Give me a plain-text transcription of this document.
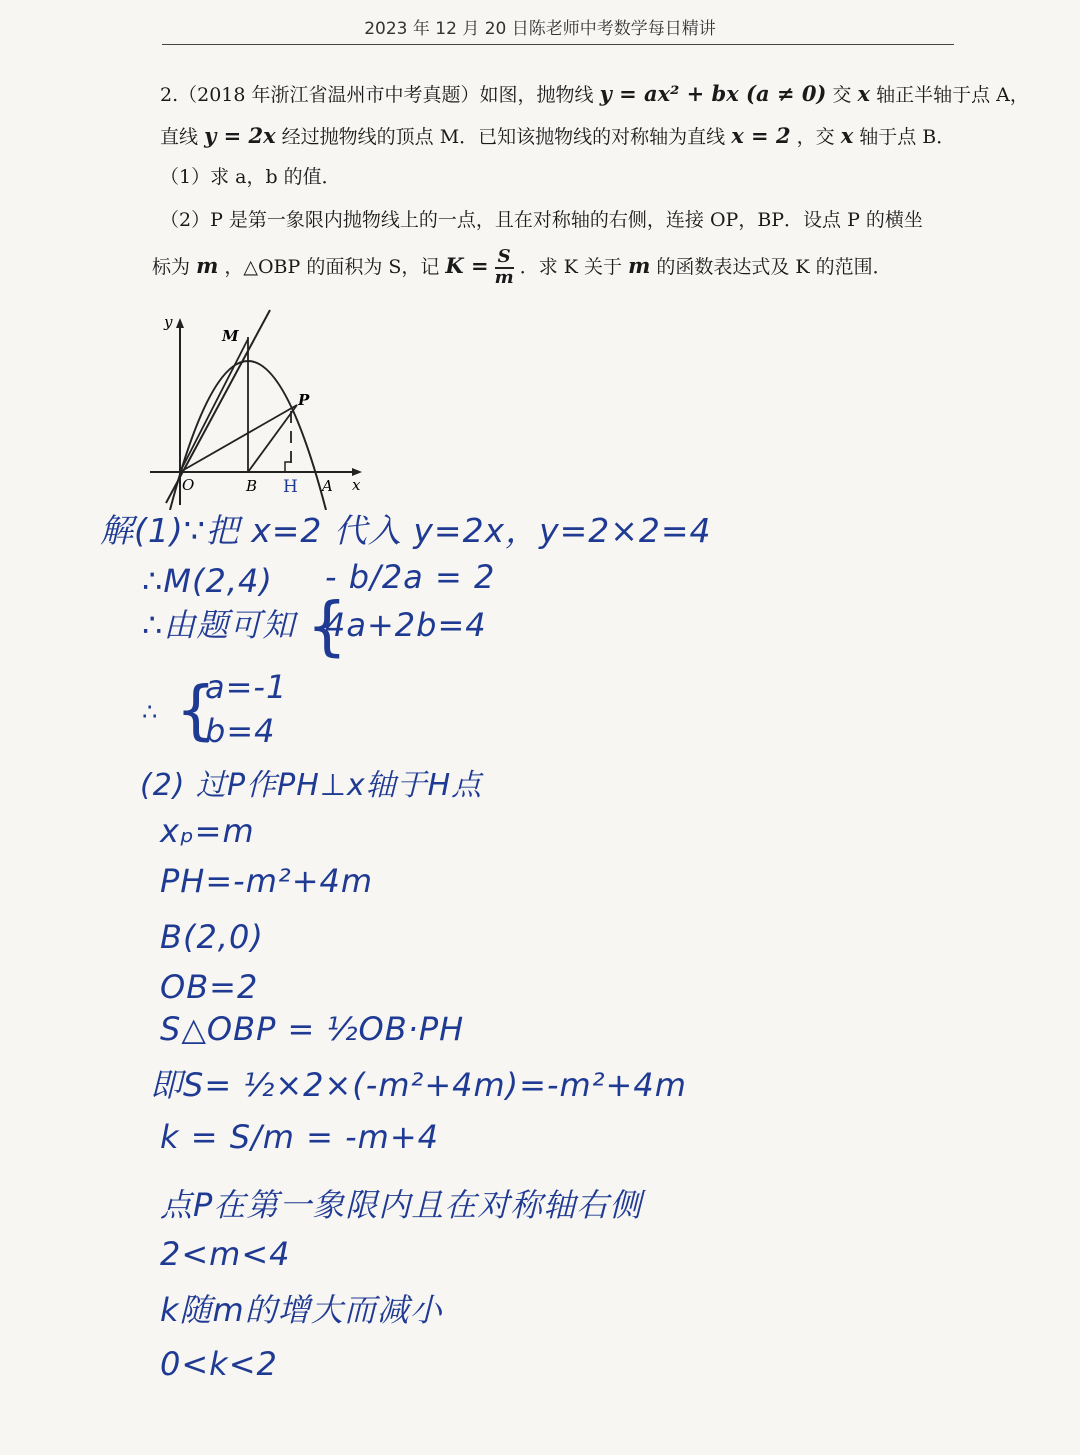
2023 年 12 月 20 日陈老师中考数学每日精讲
2.（2018 年浙江省温州市中考真题）如图，抛物线 y = ax² + bx (a ≠ 0) 交 x 轴正半轴于点 A，
直线 y = 2x 经过抛物线的顶点 M．已知该抛物线的对称轴为直线 x = 2 ，交 x 轴于点 B．
（1）求 a，b 的值．
（2）P 是第一象限内抛物线上的一点，且在对称轴的右侧，连接 OP，BP．设点 P 的横坐
标为 m ，△OBP 的面积为 S，记 $K = \frac{S}{m}$ ．求 K 关于 m 的函数表达式及 K 的范围．
y
x
O
M
P
B H A
解(1)∵把 x=2 代入 y=2x，y=2×2=4
∴M(2,4)
∴由题可知 {
- b/2a = 2
4a+2b=4
∴ {
a=-1
b=4
(2) 过P作PH⊥x轴于H点
xₚ=m
PH=-m²+4m
B(2,0)
OB=2
S△OBP = ½OB·PH
即S= ½×2×(-m²+4m)=-m²+4m
k = S/m = -m+4
点P在第一象限内且在对称轴右侧
2<m<4
k随m的增大而减小
0<k<2
